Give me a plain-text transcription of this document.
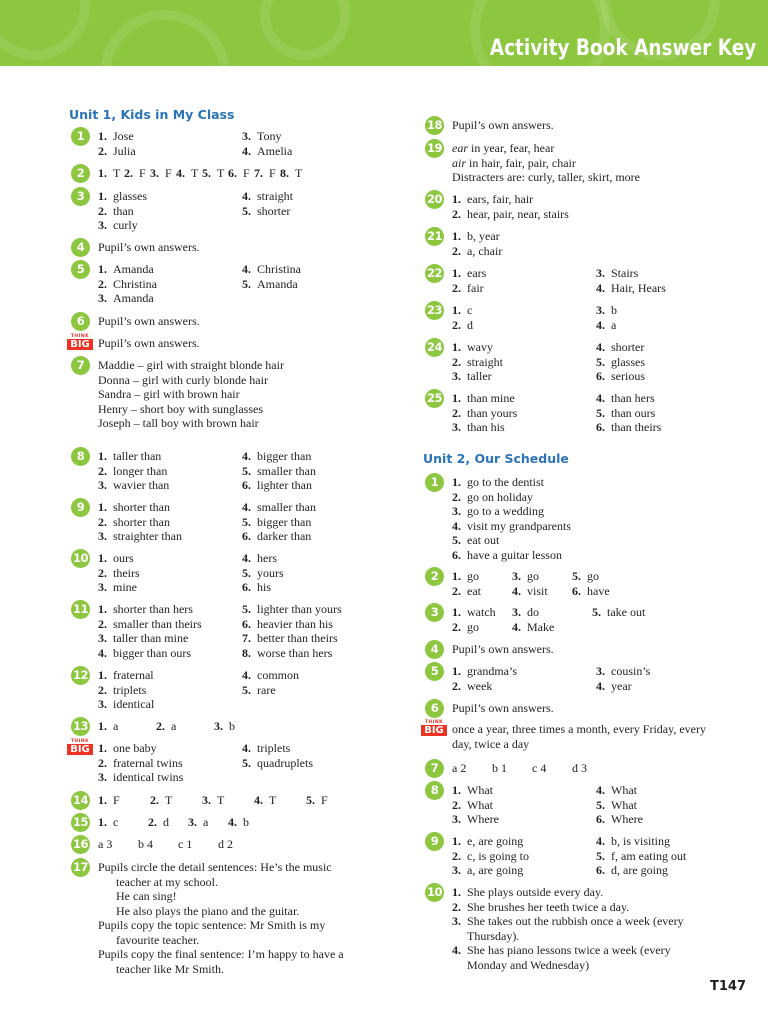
Activity Book Answer Key
Unit 1, Kids in My Class
1	1. Jose	3. Tony
2. Julia	4. Amelia
2	1. T 2. F 3. F 4. T 5. T 6. F 7. F 8. T
3	1. glasses	4. straight
2. than	5. shorter
3. curly
4	Pupil’s own answers.
5	1. Amanda	4. Christina
2. Christina	5. Amanda
3. Amanda
6	Pupil’s own answers.
THINK
BIG Pupil’s own answers.
7	Maddie – girl with straight blonde hair
Donna – girl with curly blonde hair
Sandra – girl with brown hair
Henry – short boy with sunglasses
Joseph – tall boy with brown hair
8	1. taller than	4. bigger than
2. longer than	5. smaller than
3. wavier than	6. lighter than
9	1. shorter than	4. smaller than
2. shorter than	5. bigger than
3. straighter than	6. darker than
10 1. ours	4. hers
2. theirs	5. yours
3. mine	6. his
11 1. shorter than hers	5. lighter than yours
2. smaller than theirs	6. heavier than his
3. taller than mine	7. better than theirs
4. bigger than ours	8. worse than hers
12 1. fraternal	4. common
2. triplets	5. rare
3. identical
13 1. a	2. a	3. b
THINK
BIG 1. one baby	4. triplets
2. fraternal twins	5. quadruplets
3. identical twins
14 1. F	2. T 3. T 4. T 5. F
15 1. c 2. d 3. a 4. b
16 a 3 b 4 c 1 d 2
17 Pupils circle the detail sentences: He’s the music
teacher at my school.
He can sing!
He also plays the piano and the guitar.
Pupils copy the topic sentence: Mr Smith is my
favourite teacher.
Pupils copy the final sentence: I’m happy to have a
teacher like Mr Smith.
18 Pupil’s own answers.
19 ear in year, fear, hear
air in hair, fair, pair, chair
Distracters are: curly, taller, skirt, more
20 1. ears, fair, hair
2. hear, pair, near, stairs
21 1. b, year
2. a, chair
22 1. ears	3. Stairs
2. fair	4. Hair, Hears
23 1. c	3. b
2. d	4. a
24 1. wavy	4. shorter
2. straight	5. glasses
3. taller	6. serious
25 1. than mine	4. than hers
2. than yours	5. than ours
3. than his	6. than theirs
Unit 2, Our Schedule
1	1. go to the dentist
2. go on holiday
3. go to a wedding
4. visit my grandparents
5. eat out
6. have a guitar lesson
2	1. go	3. go	5. go
2. eat	4. visit	6. have
3	1. watch	3. do	5. take out
2. go	4. Make
4	Pupil’s own answers.
5	1. grandma’s	3. cousin’s
2. week	4. year
6	Pupil’s own answers.
THINK
BIG once a year, three times a month, every Friday, every
day, twice a day
7	a 2 b 1 c 4 d 3
8	1. What	4. What
2. What	5. What
3. Where	6. Where
9	1. e, are going	4. b, is visiting
2. c, is going to	5. f, am eating out
3. a, are going	6. d, are going
10 1. She plays outside every day.
2. She brushes her teeth twice a day.
3. She takes out the rubbish once a week (every
Thursday).
4. She has piano lessons twice a week (every
Monday and Wednesday)
T147
